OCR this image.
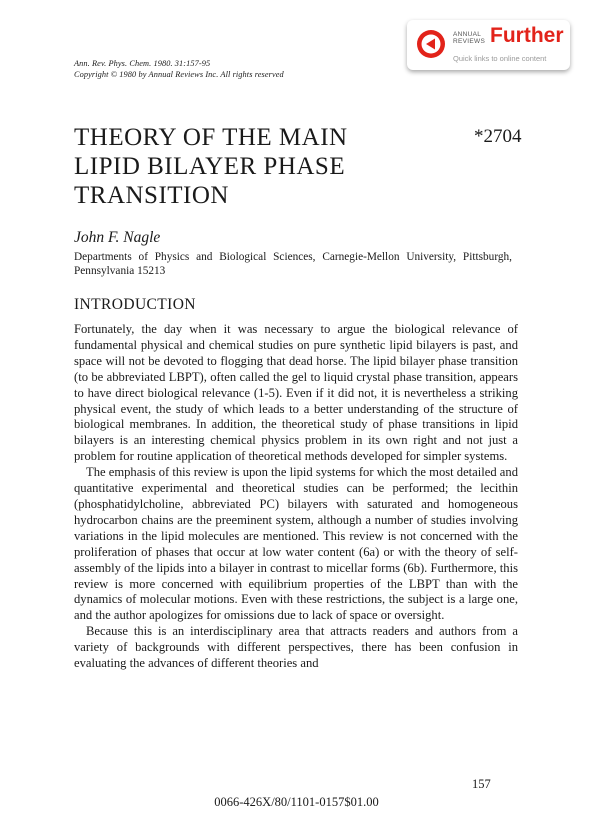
Ann. Rev. Phys. Chem. 1980. 31:157-95
Copyright © 1980 by Annual Reviews Inc. All rights reserved
ANNUAL
REVIEWS Further
Quick links to online content
THEORY OF THE MAIN LIPID BILAYER PHASE TRANSITION
*2704
John F. Nagle
Departments of Physics and Biological Sciences, Carnegie-Mellon University, Pittsburgh, Pennsylvania 15213
INTRODUCTION

Fortunately, the day when it was necessary to argue the biological relevance of fundamental physical and chemical studies on pure synthetic lipid bilayers is past, and space will not be devoted to flogging that dead horse. The lipid bilayer phase transition (to be abbreviated LBPT), often called the gel to liquid crystal phase transition, appears to have direct biological relevance (1-5). Even if it did not, it is nevertheless a striking physical event, the study of which leads to a better understanding of the structure of biological membranes. In addition, the theoretical study of phase transitions in lipid bilayers is an interesting chemical physics problem in its own right and not just a problem for routine application of theoretical methods developed for simpler systems.

The emphasis of this review is upon the lipid systems for which the most detailed and quantitative experimental and theoretical studies can be performed; the lecithin (phosphatidylcholine, abbreviated PC) bilayers with saturated and homogeneous hydrocarbon chains are the preeminent system, although a number of studies involving variations in the lipid molecules are mentioned. This review is not concerned with the proliferation of phases that occur at low water content (6a) or with the theory of self-assembly of the lipids into a bilayer in contrast to micellar forms (6b). Furthermore, this review is more concerned with equilibrium properties of the LBPT than with the dynamics of molecular motions. Even with these restrictions, the subject is a large one, and the author apologizes for omissions due to lack of space or oversight.

Because this is an interdisciplinary area that attracts readers and authors from a variety of backgrounds with different perspectives, there has been confusion in evaluating the advances of different theories and

157
0066-426X/80/1101-0157$01.00
